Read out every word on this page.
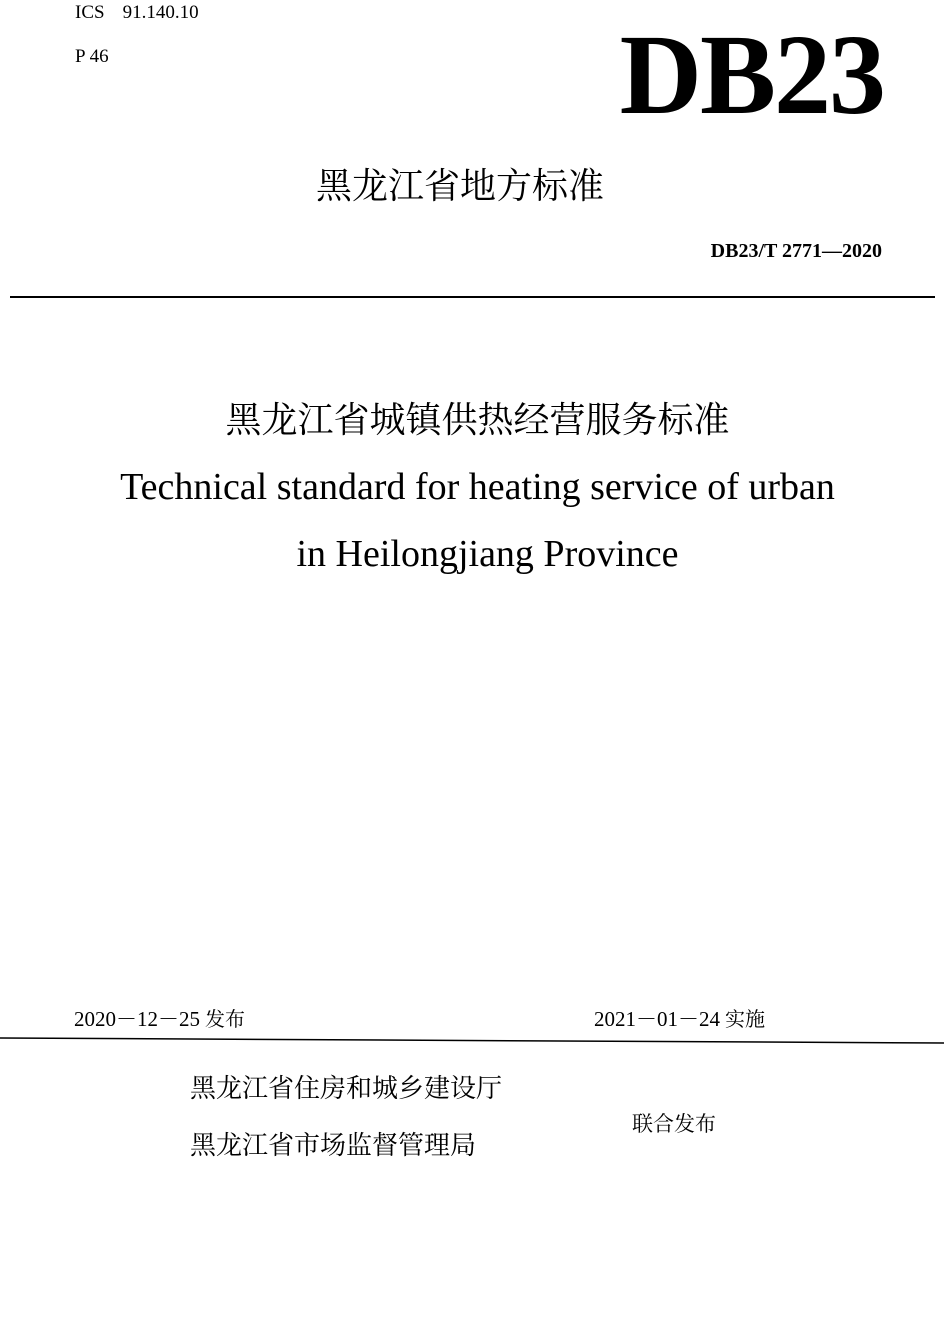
ICS 91.140.10
P 46	DB23
黑龙江省地方标准
DB23/T 2771—2020
黑龙江省城镇供热经营服务标准
Technical standard for heating service of urban
in Heilongjiang Province
2020－12－25 发布	2021－01－24 实施
黑龙江省住房和城乡建设厅
黑龙江省市场监督管理局
联合发布
